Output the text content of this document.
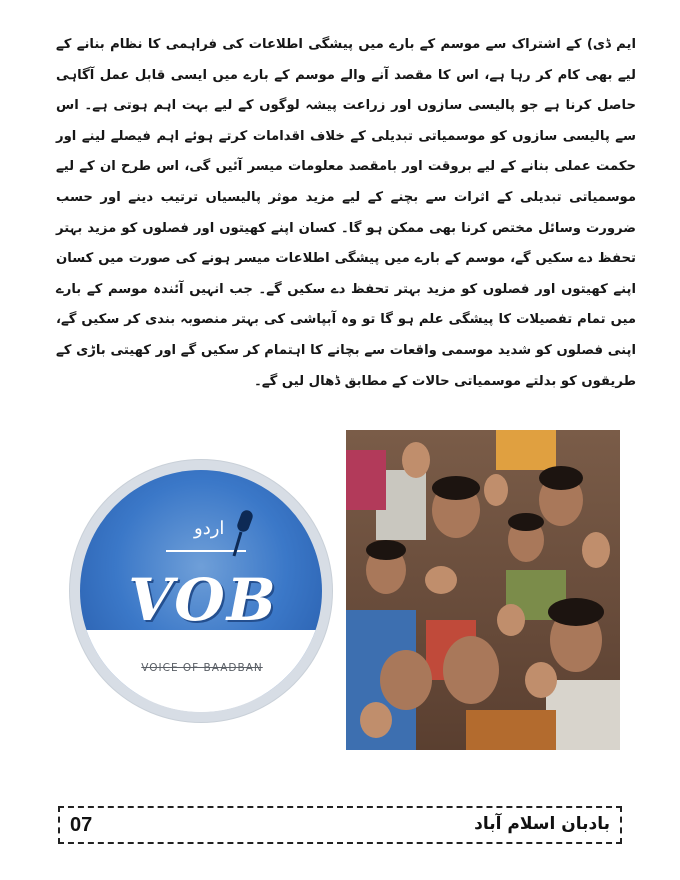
ایم ڈی) کے اشتراک سے موسم کے بارے میں پیشگی اطلاعات کی فراہمی کا نظام بنانے کے لیے بھی کام کر رہا ہے، اس کا مقصد آنے والے موسم کے بارے میں ایسی قابل عمل آگاہی حاصل کرنا ہے جو پالیسی سازوں اور زراعت پیشہ لوگوں کے لیے بہت اہم ہوتی ہے۔ اس سے پالیسی سازوں کو موسمیاتی تبدیلی کے خلاف اقدامات کرتے ہوئے اہم فیصلے لینے اور حکمت عملی بنانے کے لیے بروقت اور بامقصد معلومات میسر آئیں گی، اس طرح ان کے لیے موسمیاتی تبدیلی کے اثرات سے بچنے کے لیے مزید موثر پالیسیاں ترتیب دینے اور حسب ضرورت وسائل مختص کرنا بھی ممکن ہو گا۔ کسان اپنے کھیتوں اور فصلوں کو مزید بہتر تحفظ دے سکیں گے، موسم کے بارے میں پیشگی اطلاعات میسر ہونے کی صورت میں کسان اپنے کھیتوں اور فصلوں کو مزید بہتر تحفظ دے سکیں گے۔ جب انہیں آئندہ موسم کے بارے میں تمام تفصیلات کا پیشگی علم ہو گا تو وہ آبپاشی کی بہتر منصوبہ بندی کر سکیں گے، اپنی فصلوں کو شدید موسمی واقعات سے بچانے کا اہتمام کر سکیں گے اور کھیتی باڑی کے طریقوں کو بدلتے موسمیاتی حالات کے مطابق ڈھال لیں گے۔

اردو
VOB
VOICE OF BAADBAN
07	بادبان اسلام آباد
